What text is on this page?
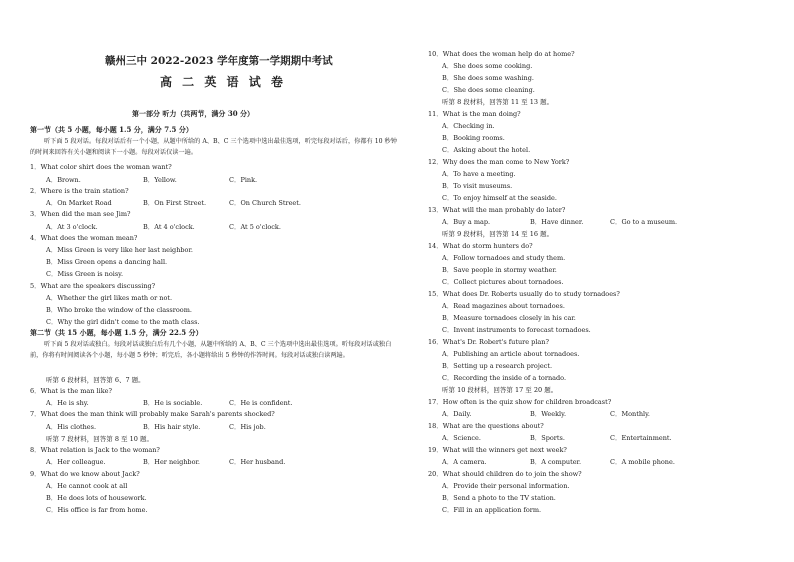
赣州三中 2022-2023 学年度第一学期期中考试
高 二 英 语 试 卷
第一部分 听力（共两节，满分 30 分）
第一节（共 5 小题，每小题 1.5 分，满分 7.5 分）
听下面 5 段对话。每段对话后有一个小题，从题中所给的 A、B、C 三个选项中选出最佳选项，听完每段对话后，你都有 10 秒钟的时间来回答有关小题和阅读下一小题。每段对话仅读一遍。
1．What color shirt does the woman want?
A．Brown.	B．Yellow.	C．Pink.
2．Where is the train station?
A．On Market Road	B．On First Street.	C．On Church Street.
3．When did the man see Jim?
A．At 3 o'clock.	B．At 4 o'clock.	C．At 5 o'clock.
4．What does the woman mean?
A．Miss Green is very like her last neighbor.
B．Miss Green opens a dancing hall.
C．Miss Green is noisy.
5．What are the speakers discussing?
A．Whether the girl likes math or not.
B．Who broke the window of the classroom.
C．Why the girl didn't come to the math class.
第二节（共 15 小题，每小题 1.5 分，满分 22.5 分）
听下面 5 段对话或独白。每段对话或独白后有几个小题，从题中所给的 A、B、C 三个选项中选出最佳选项。听每段对话或独白前，你将有时间阅读各个小题，每小题 5 秒钟；听完后，各小题将给出 5 秒钟的作答时间。每段对话或独白读两遍。
听第 6 段材料，回答第 6、7 题。
6．What is the man like?
A．He is shy.	B．He is sociable.	C．He is confident.
7．What does the man think will probably make Sarah's parents shocked?
A．His clothes.	B．His hair style.	C．His job.
听第 7 段材料，回答第 8 至 10 题。
8．What relation is Jack to the woman?
A．Her colleague.	B．Her neighbor.	C．Her husband.
9．What do we know about Jack?
A．He cannot cook at all
B．He does lots of housework.
C．His office is far from home.
10．What does the woman help do at home?
A．She does some cooking.
B．She does some washing.
C．She does some cleaning.
听第 8 段材料，回答第 11 至 13 题。
11．What is the man doing?
A．Checking in.
B．Booking rooms.
C．Asking about the hotel.
12．Why does the man come to New York?
A．To have a meeting.
B．To visit museums.
C．To enjoy himself at the seaside.
13．What will the man probably do later?
A．Buy a map.	B．Have dinner.	C．Go to a museum.
听第 9 段材料，回答第 14 至 16 题。
14．What do storm hunters do?
A．Follow tornadoes and study them.
B．Save people in stormy weather.
C．Collect pictures about tornadoes.
15．What does Dr. Roberts usually do to study tornadoes?
A．Read magazines about tornadoes.
B．Measure tornadoes closely in his car.
C．Invent instruments to forecast tornadoes.
16．What's Dr. Robert's future plan?
A．Publishing an article about tornadoes.
B．Setting up a research project.
C．Recording the inside of a tornado.
听第 10 段材料，回答第 17 至 20 题。
17．How often is the quiz show for children broadcast?
A．Daily.	B．Weekly.	C．Monthly.
18．What are the questions about?
A．Science.	B．Sports.	C．Entertainment.
19．What will the winners get next week?
A．A camera.	B．A computer.	C．A mobile phone.
20．What should children do to join the show?
A．Provide their personal information.
B．Send a photo to the TV station.
C．Fill in an application form.
